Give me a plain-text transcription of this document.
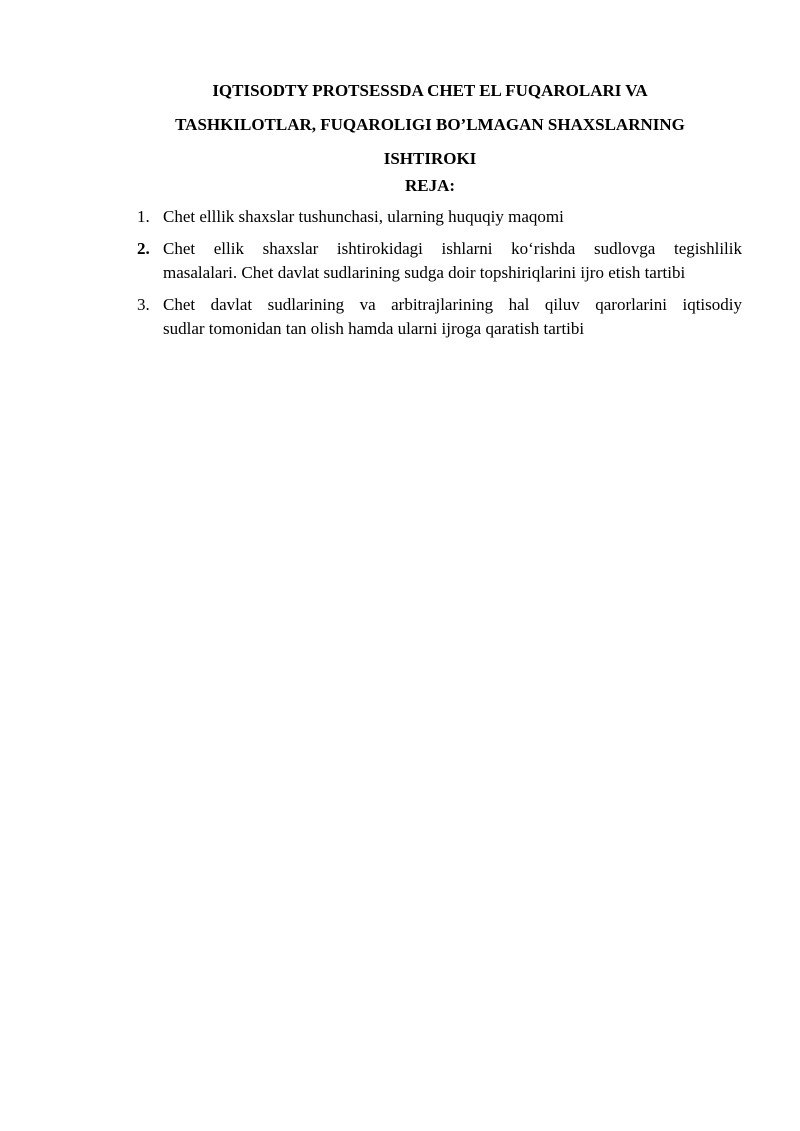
IQTISODTY PROTSESSDA CHET EL FUQAROLARI VA
TASHKILOTLAR, FUQAROLIGI BO’LMAGAN SHAXSLARNING
ISHTIROKI
REJA:
1. Chet elllik shaxslar tushunchasi, ularning huquqiy maqomi
2. Chet ellik shaxslar ishtirokidagi ishlarni ko‘rishda sudlovga tegishlilik
masalalari. Chet davlat sudlarining sudga doir topshiriqlarini ijro etish tartibi
3. Chet davlat sudlarining va arbitrajlarining hal qiluv qarorlarini iqtisodiy
sudlar tomonidan tan olish hamda ularni ijroga qaratish tartibi
